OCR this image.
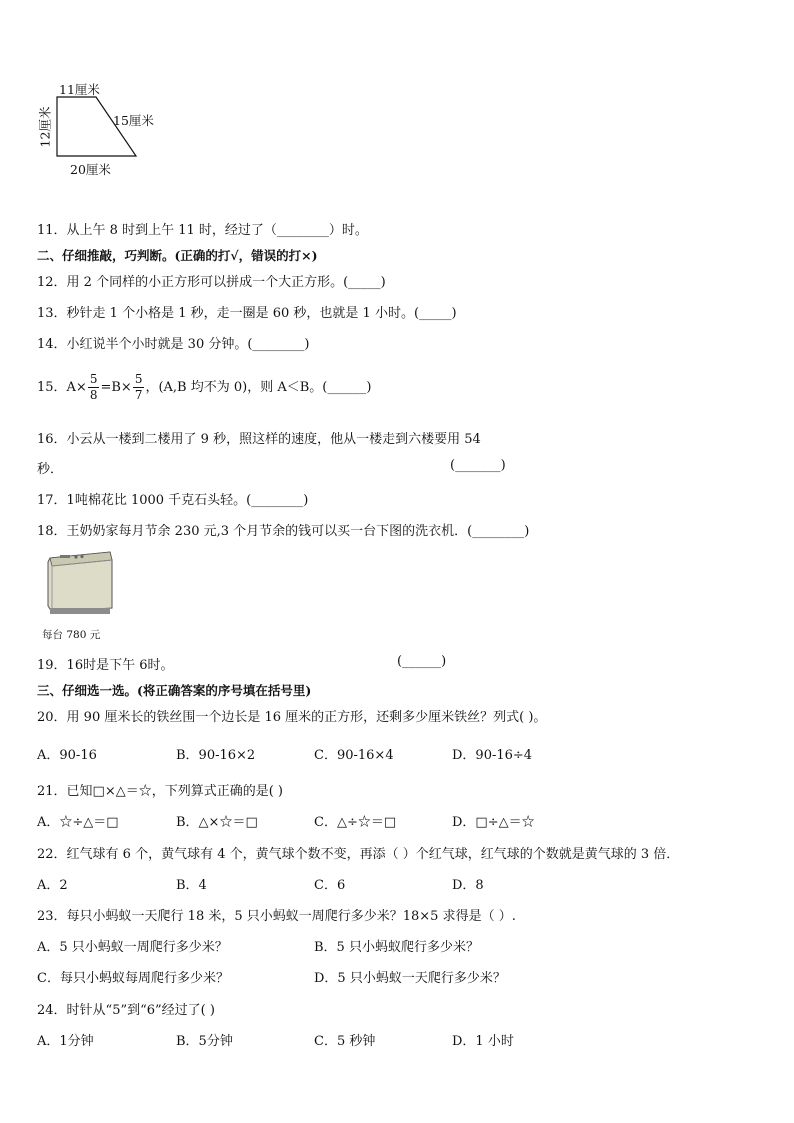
11厘米
12厘米	15厘米
20厘米
11．从上午 8 时到上午 11 时，经过了（________）时。
二、仔细推敲，巧判断。(正确的打√，错误的打×)
12．用 2 个同样的小正方形可以拼成一个大正方形。(_____)
13．秒针走 1 个小格是 1 秒，走一圈是 60 秒，也就是 1 小时。(_____)
14．小红说半个小时就是 30 分钟。(________)
15．$A\times \frac{5}{8} =B\times \frac{5}{7}$ ，(A,B 均不为 0)，则 A＜B。(______)
16．小云从一楼到二楼用了 9 秒，照这样的速度，他从一楼走到六楼要用 54
秒．	(_______)
17．1吨棉花比 1000 千克石头轻。(________)
18．王奶奶家每月节余 230 元,3 个月节余的钱可以买一台下图的洗衣机．(________)
每台 780 元
19．16时是下午 6时。	(______)
三、仔细选一选。(将正确答案的序号填在括号里)
20．用 90 厘米长的铁丝围一个边长是 16 厘米的正方形，还剩多少厘米铁丝？列式( )。
A．90-16	B．90-16×2	C．90-16×4	D．90-16÷4
21．已知□×△＝☆，下列算式正确的是( )
A．☆÷△＝□	B．△×☆＝□	C．△÷☆＝□	D．□÷△＝☆
22．红气球有 6 个，黄气球有 4 个，黄气球个数不变，再添（ ）个红气球，红气球的个数就是黄气球的 3 倍．
A．2	B．4	C．6	D．8
23．每只小蚂蚁一天爬行 18 米，5 只小蚂蚁一周爬行多少米？18×5 求得是（ ）.
A．5 只小蚂蚁一周爬行多少米？	B．5 只小蚂蚁爬行多少米？
C．每只小蚂蚁每周爬行多少米？	D．5 只小蚂蚁一天爬行多少米？
24．时针从“5”到“6”经过了( )
A．1分钟	B．5分钟	C．5 秒钟	D．1 小时
